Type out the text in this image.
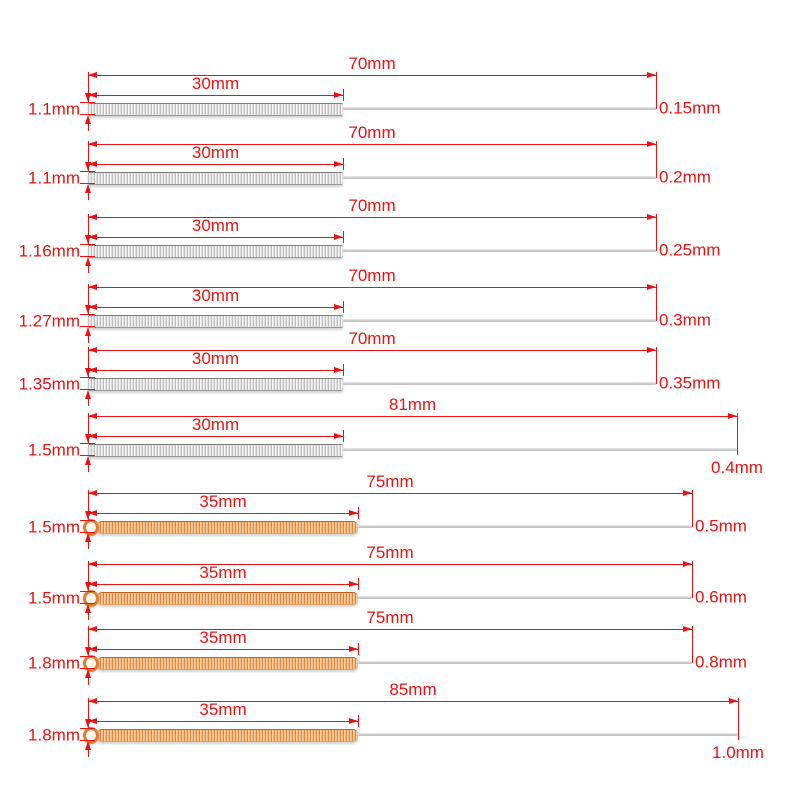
70mm
30mm
1.1mm	0.15mm
70mm
30mm
1.1mm	0.2mm
70mm
30mm
1.16mm	0.25mm
70mm
30mm
1.27mm	0.3mm
70mm
30mm
1.35mm	0.35mm
81mm
30mm
1.5mm
0.4mm
75mm
35mm
1.5mm	0.5mm
75mm
35mm
1.5mm	0.6mm
75mm
35mm
1.8mm	0.8mm
85mm
35mm
1.8mm
1.0mm
